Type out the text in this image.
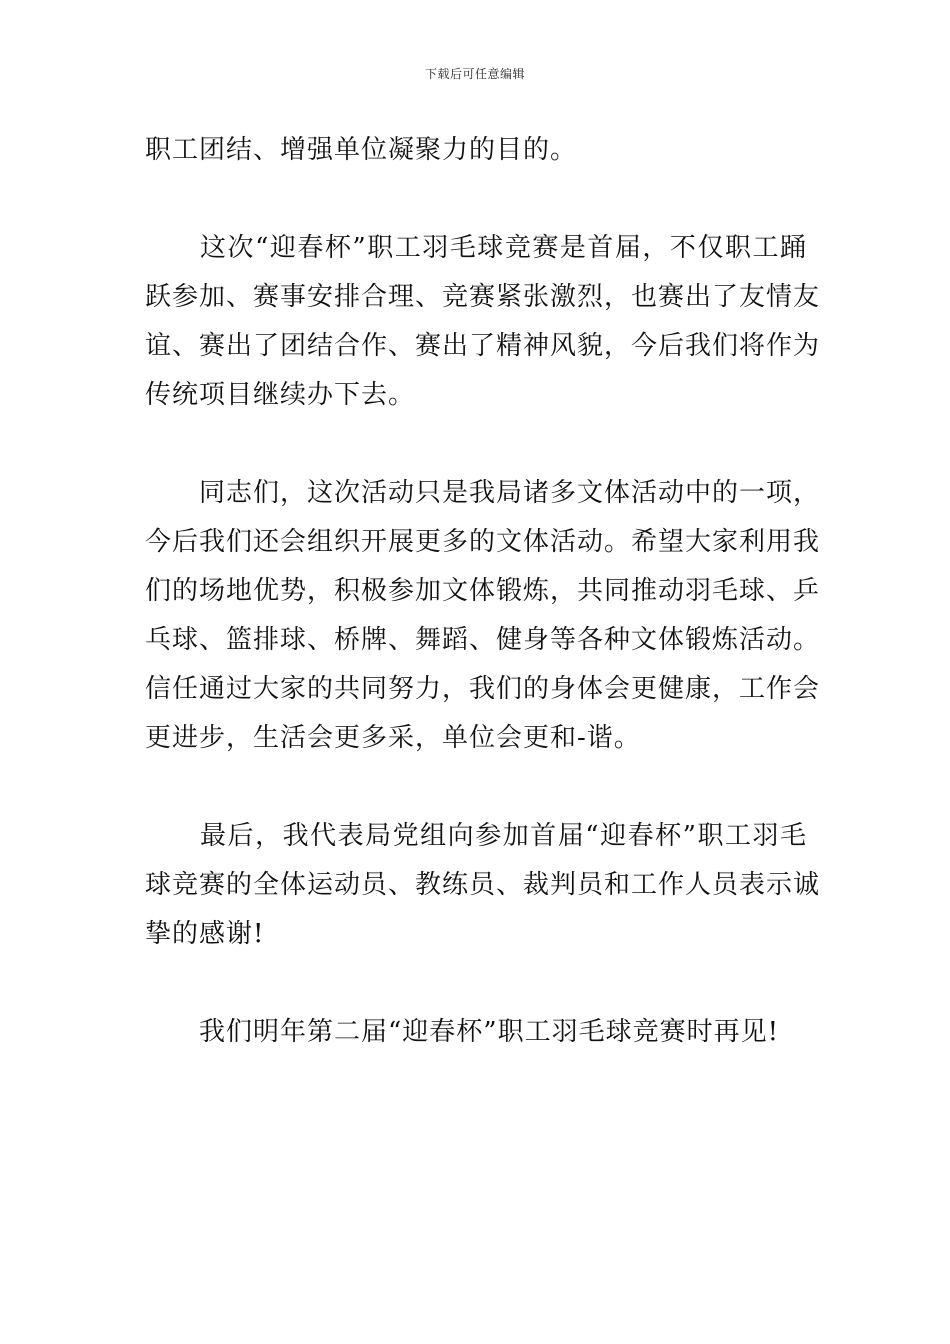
下载后可任意编辑
职工团结、增强单位凝聚力的目的。
　　这次“迎春杯”职工羽毛球竞赛是首届，不仅职工踊
跃参加、赛事安排合理、竞赛紧张激烈，也赛出了友情友
谊、赛出了团结合作、赛出了精神风貌，今后我们将作为
传统项目继续办下去。
　　同志们，这次活动只是我局诸多文体活动中的一项，
今后我们还会组织开展更多的文体活动。希望大家利用我
们的场地优势，积极参加文体锻炼，共同推动羽毛球、乒
乓球、篮排球、桥牌、舞蹈、健身等各种文体锻炼活动。
信任通过大家的共同努力，我们的身体会更健康，工作会
更进步，生活会更多采，单位会更和-谐。
　　最后，我代表局党组向参加首届“迎春杯”职工羽毛
球竞赛的全体运动员、教练员、裁判员和工作人员表示诚
挚的感谢!
　　我们明年第二届“迎春杯”职工羽毛球竞赛时再见!
